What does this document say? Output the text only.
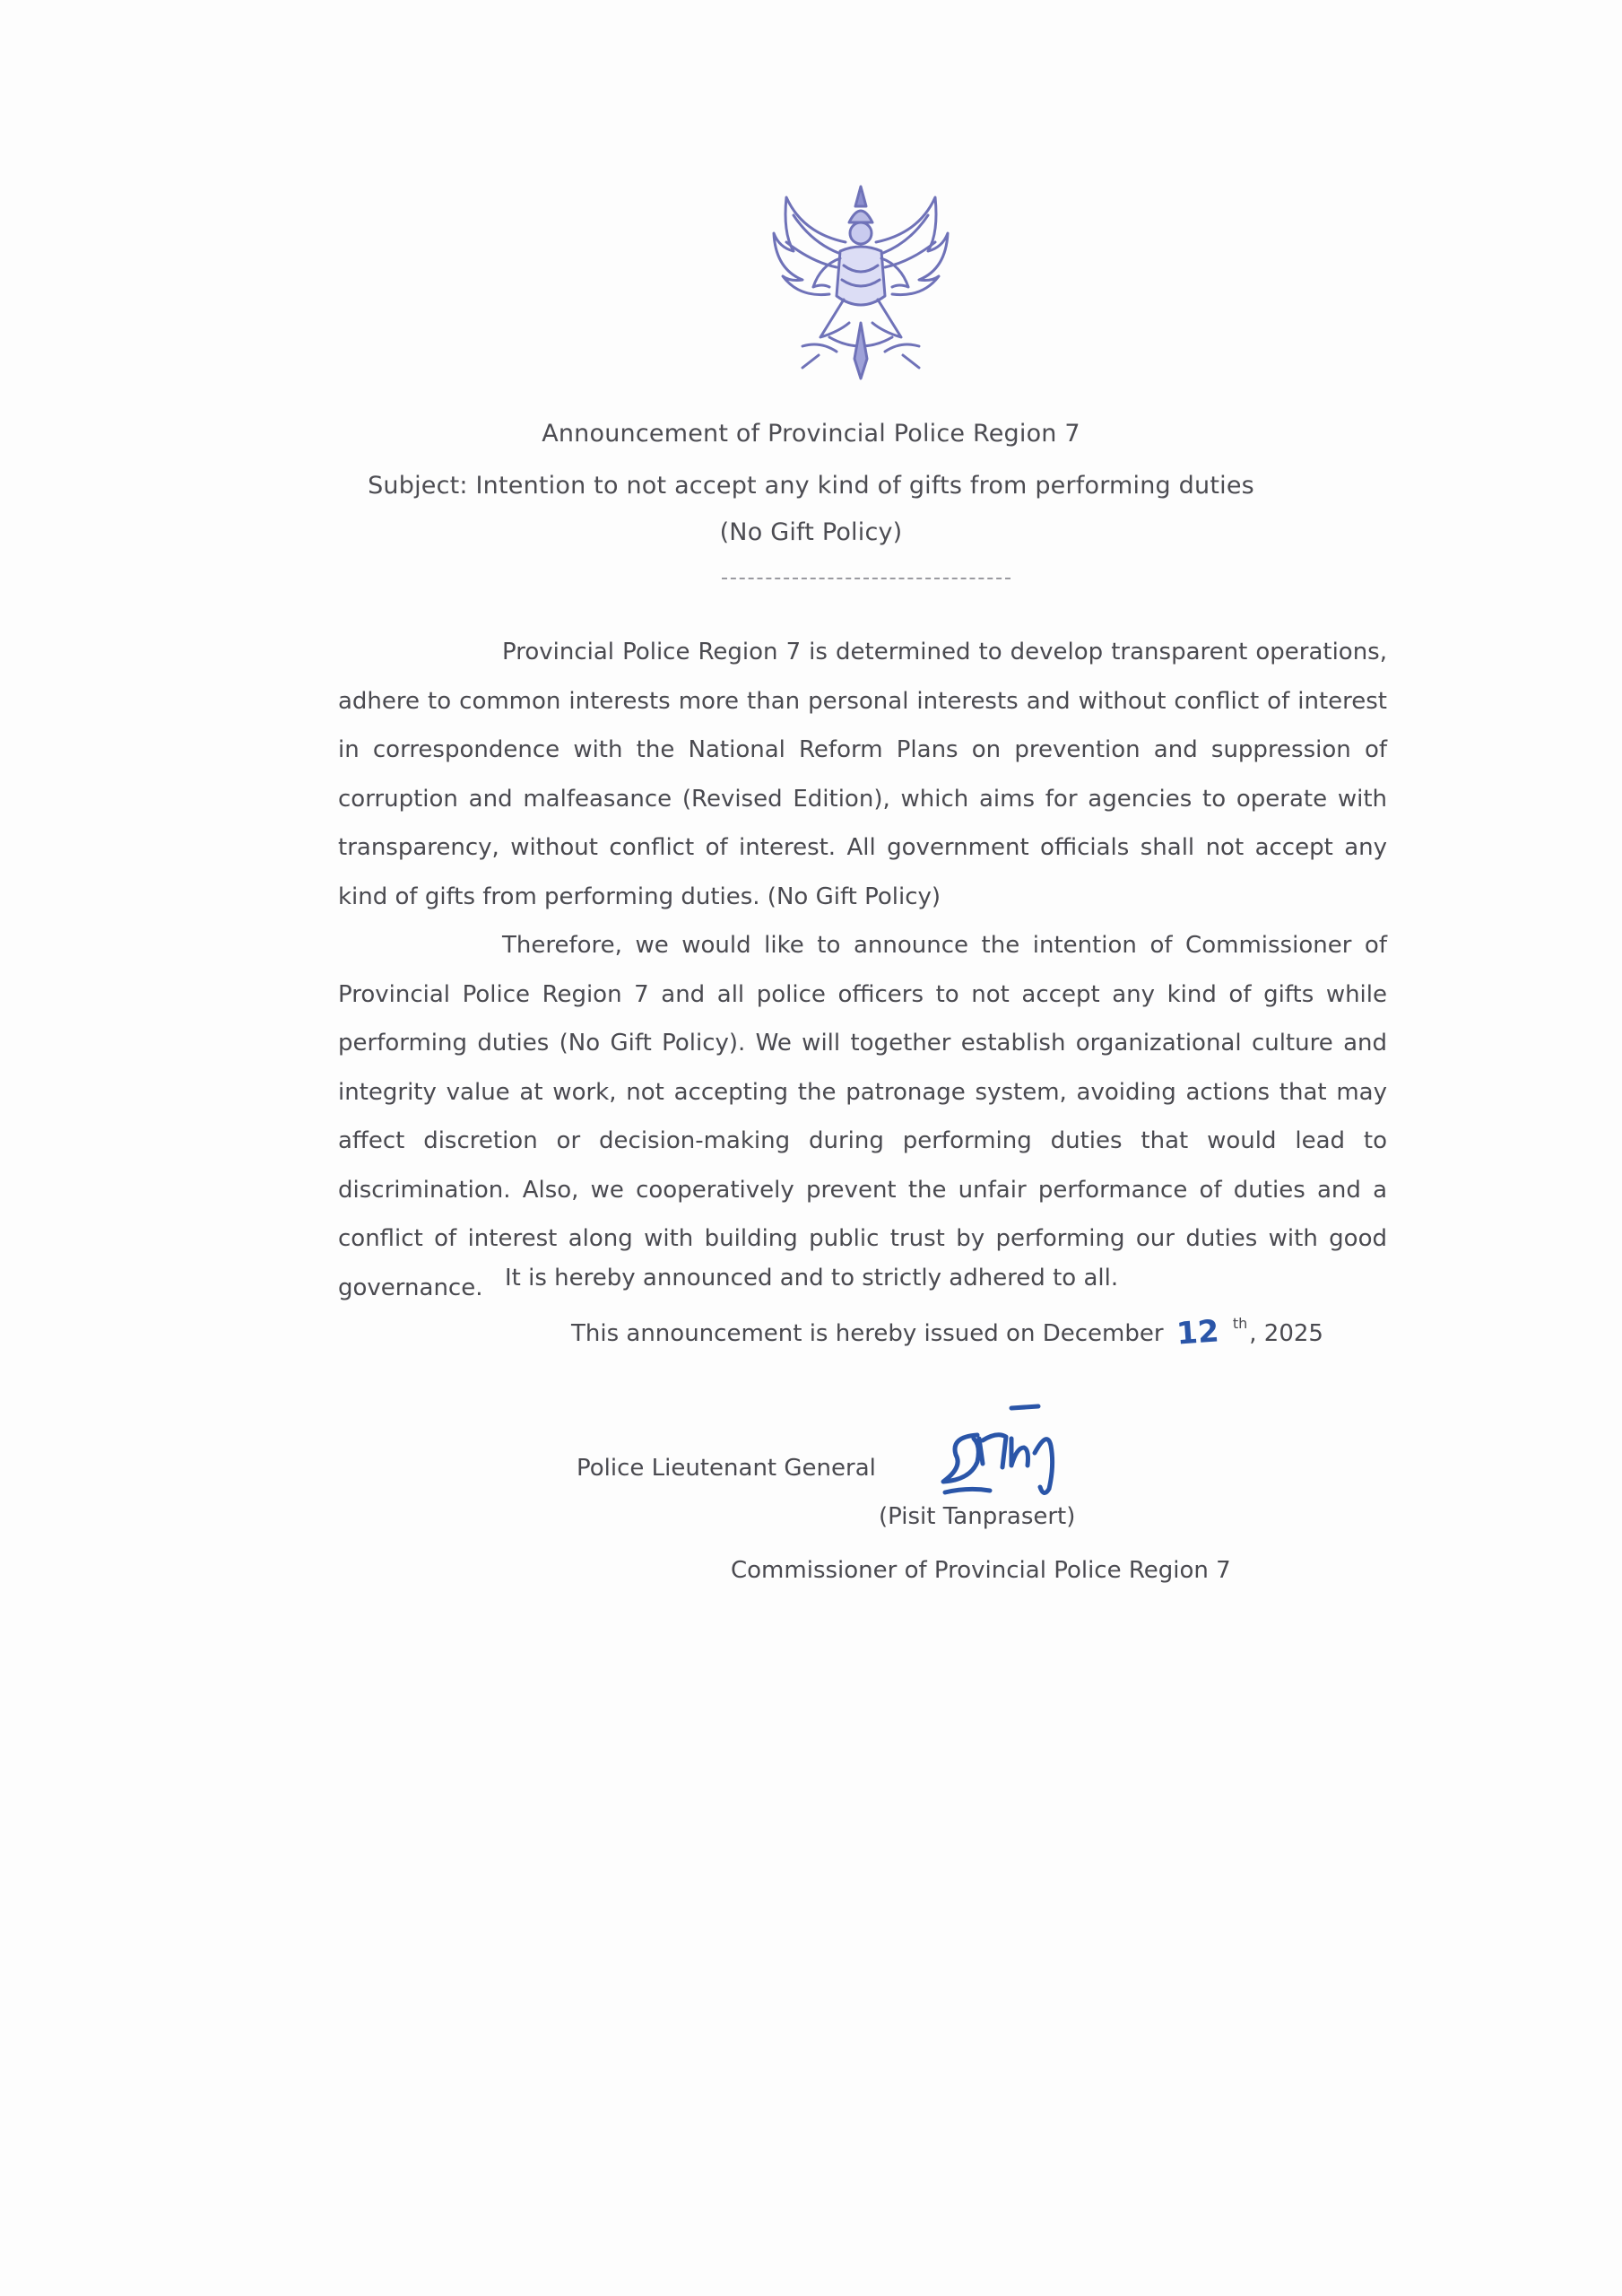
Announcement of Provincial Police Region 7
Subject: Intention to not accept any kind of gifts from performing duties
(No Gift Policy)

Provincial Police Region 7 is determined to develop transparent operations, adhere to common interests more than personal interests and without conflict of interest in correspondence with the National Reform Plans on prevention and suppression of corruption and malfeasance (Revised Edition), which aims for agencies to operate with transparency, without conflict of interest. All government officials shall not accept any kind of gifts from performing duties. (No Gift Policy)

Therefore, we would like to announce the intention of Commissioner of Provincial Police Region 7 and all police officers to not accept any kind of gifts while performing duties (No Gift Policy). We will together establish organizational culture and integrity value at work, not accepting the patronage system, avoiding actions that may affect discretion or decision-making during performing duties that would lead to discrimination. Also, we cooperatively prevent the unfair performance of duties and a conflict of interest along with building public trust by performing our duties with good governance. It is hereby announced and to strictly adhered to all.
This announcement is hereby issued on December 12 $^{th}$, 2025
Police Lieutenant General
(Pisit Tanprasert)
Commissioner of Provincial Police Region 7
